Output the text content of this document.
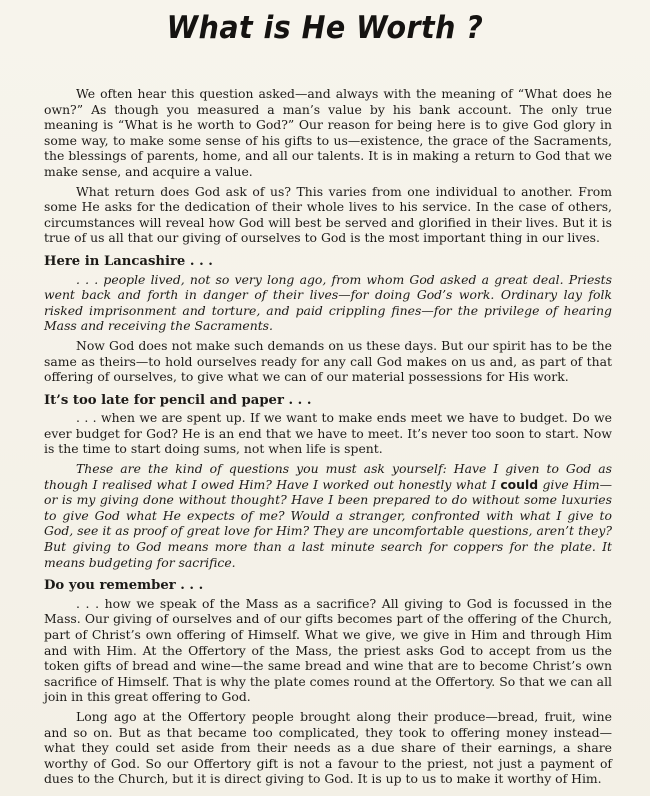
What is He Worth ?

We often hear this question asked—and always with the meaning of “What does he own?” As though you measured a man’s value by his bank account. The only true meaning is “What is he worth to God?” Our reason for being here is to give God glory in some way, to make some sense of his gifts to us—existence, the grace of the Sacraments, the blessings of parents, home, and all our talents. It is in making a return to God that we make sense, and acquire a value.

What return does God ask of us? This varies from one individual to another. From some He asks for the dedication of their whole lives to his service. In the case of others, circumstances will reveal how God will best be served and glorified in their lives. But it is true of us all that our giving of ourselves to God is the most important thing in our lives.

Here in Lancashire . . .

. . . people lived, not so very long ago, from whom God asked a great deal. Priests went back and forth in danger of their lives—for doing God’s work. Ordinary lay folk risked imprisonment and torture, and paid crippling fines—for the privilege of hearing Mass and receiving the Sacraments.

Now God does not make such demands on us these days. But our spirit has to be the same as theirs—to hold ourselves ready for any call God makes on us and, as part of that offering of ourselves, to give what we can of our material possessions for His work.

It’s too late for pencil and paper . . .

. . . when we are spent up. If we want to make ends meet we have to budget. Do we ever budget for God? He is an end that we have to meet. It’s never too soon to start. Now is the time to start doing sums, not when life is spent.

These are the kind of questions you must ask yourself: Have I given to God as though I realised what I owed Him? Have I worked out honestly what I could give Him—or is my giving done without thought? Have I been prepared to do without some luxuries to give God what He expects of me? Would a stranger, confronted with what I give to God, see it as proof of great love for Him? They are uncomfortable questions, aren’t they? But giving to God means more than a last minute search for coppers for the plate. It means budgeting for sacrifice.

Do you remember . . .

. . . how we speak of the Mass as a sacrifice? All giving to God is focussed in the Mass. Our giving of ourselves and of our gifts becomes part of the offering of the Church, part of Christ’s own offering of Himself. What we give, we give in Him and through Him and with Him. At the Offertory of the Mass, the priest asks God to accept from us the token gifts of bread and wine—the same bread and wine that are to become Christ’s own sacrifice of Himself. That is why the plate comes round at the Offertory. So that we can all join in this great offering to God.

Long ago at the Offertory people brought along their produce—bread, fruit, wine and so on. But as that became too complicated, they took to offering money instead—what they could set aside from their needs as a due share of their earnings, a share worthy of God. So our Offertory gift is not a favour to the priest, not just a payment of dues to the Church, but it is direct giving to God. It is up to us to make it worthy of Him.
